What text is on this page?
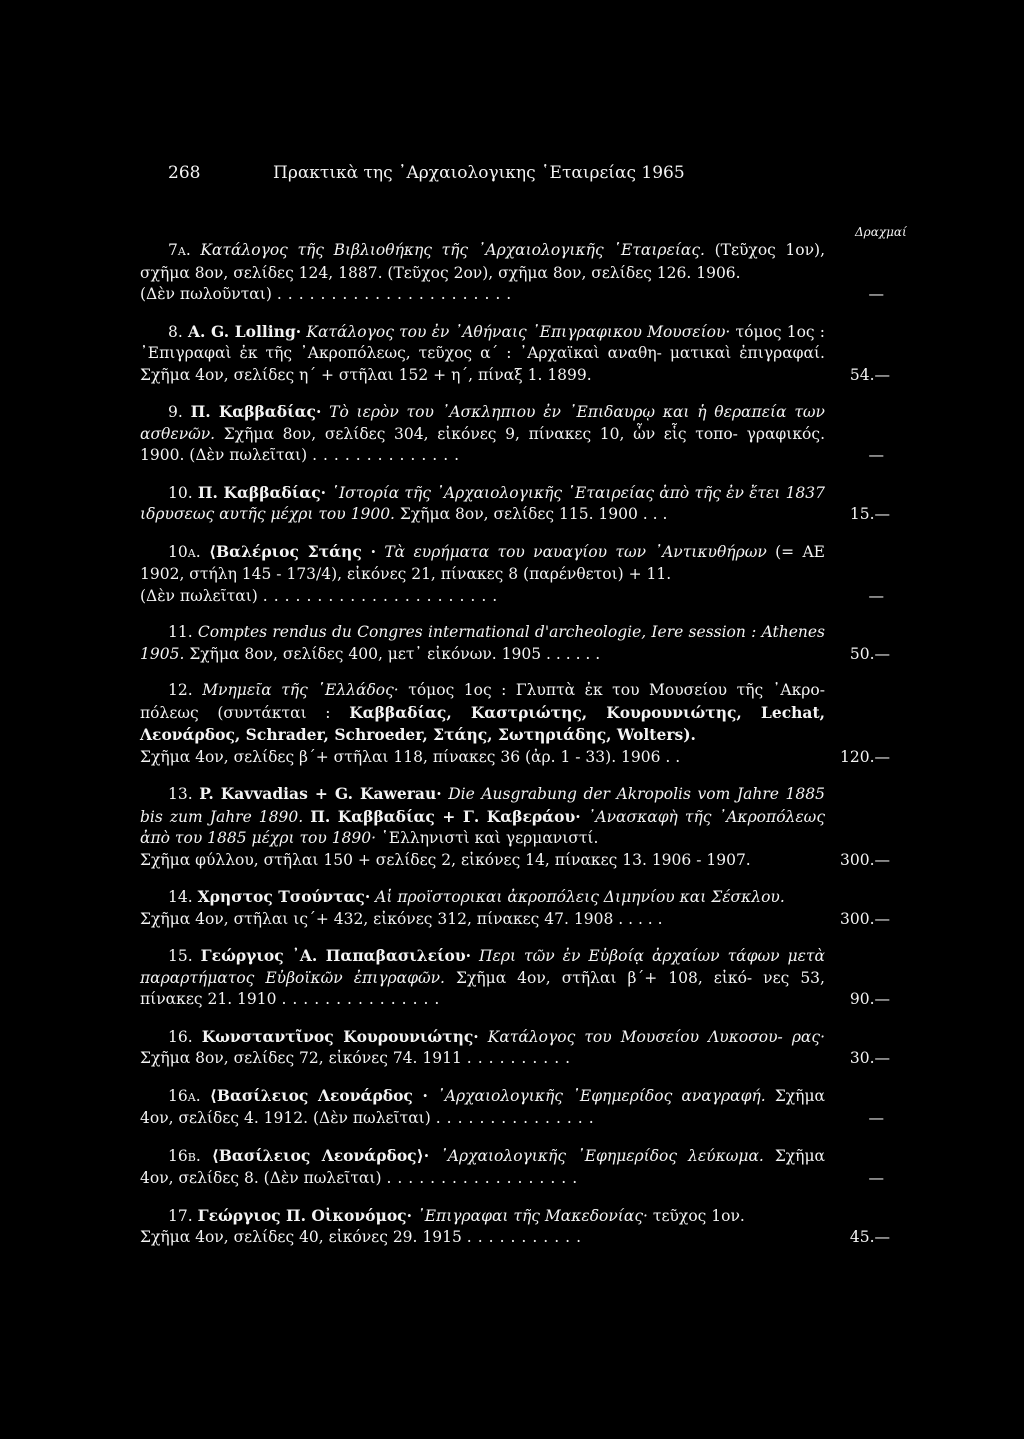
268	Πρακτικὰ της ᾿Αρχαιολογικης ῾Εταιρείας 1965
Δραχμαί

7Α. Κατάλογος τῆς Βιβλιοθήκης τῆς ᾿Αρχαιολογικῆς ῾Εταιρείας. (Τεῦχος 1ον), σχῆμα 8ον, σελίδες 124, 1887. (Τεῦχος 2ον), σχῆμα 8ον, σελίδες 126. 1906.
(Δὲν πωλοῦνται) ......................	—

8. A. G. Lolling· Κατάλογος του ἐν ᾿Αθήναις ᾿Επιγραφικου Μουσείου· τόμος 1ος : ᾿Επιγραφαὶ ἐκ τῆς ᾿Ακροπόλεως, τεῦχος α΄ : ᾿Αρχαϊκαὶ αναθη- ματικαὶ ἐπιγραφαί. Σχῆμα 4ον, σελίδες η΄ + στῆλαι 152 + η΄, πίναξ 1. 1899.	54.—

9. Π. Καββαδίας· Τὸ ιερὸν του ᾿Ασκληπιου ἐν ᾿Επιδαυρῳ και ἡ θεραπεία των ασθενῶν. Σχῆμα 8ον, σελίδες 304, εἰκόνες 9, πίνακες 10, ὧν εἷς τοπο- γραφικός. 1900. (Δὲν πωλεῖται) ..............	—

10. Π. Καββαδίας· ῾Ιστορία τῆς ᾿Αρχαιολογικῆς ῾Εταιρείας ἀπὸ τῆς ἐν ἔτει 1837 ιδρυσεως αυτῆς μέχρι του 1900. Σχῆμα 8ον, σελίδες 115. 1900 . . .	15.—

10Α. ⟨Βαλέριος Στάης · Τὰ ευρήματα του ναυαγίου των ᾿Αντικυθήρων (= ΑΕ 1902, στήλη 145 - 173/4), εἰκόνες 21, πίνακες 8 (παρένθετοι) + 11.
(Δὲν πωλεῖται) ......................	—

11. Comptes rendus du Congres international d'archeologie, Iere session : Athenes 1905. Σχῆμα 8ον, σελίδες 400, μετ᾿ εἰκόνων. 1905 . . . . . .	50.—

12. Μνημεῖα τῆς ῾Ελλάδος· τόμος 1ος : Γλυπτὰ ἐκ του Μουσείου τῆς ᾿Ακρο- πόλεως (συντάκται : Καββαδίας, Καστριώτης, Κουρουνιώτης, Lechat, Λεονάρδος, Schrader, Schroeder, Στάης, Σωτηριάδης, Wolters).
Σχῆμα 4ον, σελίδες β΄+ στῆλαι 118, πίνακες 36 (ἀρ. 1 - 33). 1906 . .	120.—

13. P. Kavvadias + G. Kawerau· Die Ausgrabung der Akropolis vom Jahre 1885 bis zum Jahre 1890. Π. Καββαδίας + Γ. Καβεράου· ᾿Ανασκαφὴ τῆς ᾿Ακροπόλεως ἀπὸ του 1885 μέχρι του 1890· ῾Ελληνιστὶ καὶ γερμανιστί.
Σχῆμα φύλλου, στῆλαι 150 + σελίδες 2, εἰκόνες 14, πίνακες 13. 1906 - 1907.	300.—

14. Χρηστος Τσούντας· Αἱ προϊστορικαι ἀκροπόλεις Διμηνίου και Σέσκλου.
Σχῆμα 4ον, στῆλαι ις΄+ 432, εἰκόνες 312, πίνακες 47. 1908 . . . . .	300.—

15. Γεώργιος ᾿Α. Παπαβασιλείου· Περι τῶν ἐν Εὐβοίᾳ ἀρχαίων τάφων μετὰ παραρτήματος Εὐβοϊκῶν ἐπιγραφῶν. Σχῆμα 4ον, στῆλαι β΄+ 108, εἰκό- νες 53, πίνακες 21. 1910 ...............	90.—

16. Κωνσταντῖνος Κουρουνιώτης· Κατάλογος του Μουσείου Λυκοσου- ρας· Σχῆμα 8ον, σελίδες 72, εἰκόνες 74. 1911 ..........	30.—

16Α. ⟨Βασίλειος Λεονάρδος · ᾿Αρχαιολογικῆς ᾿Εφημερίδος αναγραφή. Σχῆμα 4ον, σελίδες 4. 1912. (Δὲν πωλεῖται) ...............	—

16Β. ⟨Βασίλειος Λεονάρδος⟩· ᾿Αρχαιολογικῆς ᾿Εφημερίδος λεύκωμα. Σχῆμα 4ον, σελίδες 8. (Δὲν πωλεῖται) ..................	—

17. Γεώργιος Π. Οἰκονόμος· ᾿Επιγραφαι τῆς Μακεδονίας· τεῦχος 1ον.
Σχῆμα 4ον, σελίδες 40, εἰκόνες 29. 1915 ...........	45.—
